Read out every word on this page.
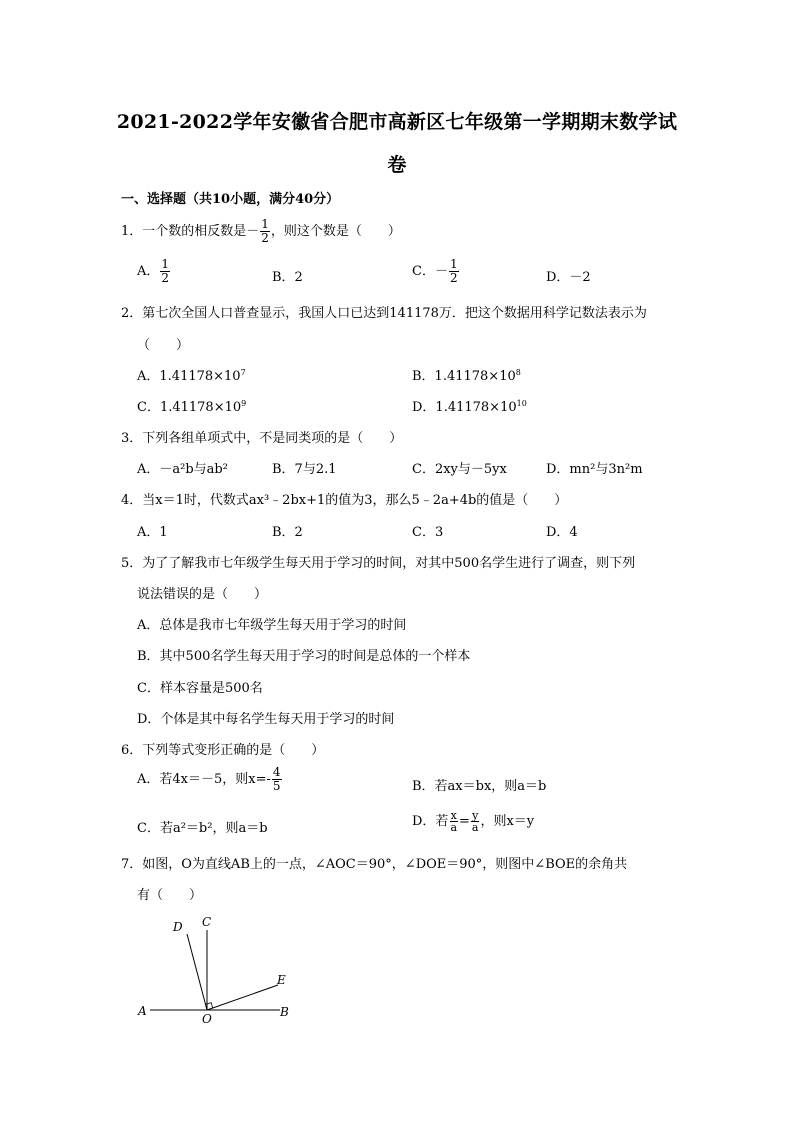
2021-2022学年安徽省合肥市高新区七年级第一学期期末数学试
卷
一、选择题（共10小题，满分40分）
1．一个数的相反数是－ $\frac{1}{2}$ ，则这个数是（　　）
A． $\frac{1}{2}$	B．2	C．－ $\frac{1}{2}$	D．－2
2．第七次全国人口普查显示，我国人口已达到141178万．把这个数据用科学记数法表示为
（　　）
A．$1.41178\times 10^7$	B．$1.41178\times 10^8$
C．$1.41178\times 10^9$	D．$1.41178\times 10^{10}$
3．下列各组单项式中，不是同类项的是（　　）
A．－a²b与ab²	B．7与2.1	C．2xy与－5yx	D．mn²与3n²m
4．当x＝1时，代数式ax³﹣2bx+1的值为3，那么5﹣2a+4b的值是（　　）
A．1	B．2	C．3	D．4
5．为了了解我市七年级学生每天用于学习的时间，对其中500名学生进行了调查，则下列
说法错误的是（　　）
A．总体是我市七年级学生每天用于学习的时间
B．其中500名学生每天用于学习的时间是总体的一个样本
C．样本容量是500名
D．个体是其中每名学生每天用于学习的时间
6．下列等式变形正确的是（　　）
A．若4x＝－5，则$x=- \frac{4}{5}$	B．若ax＝bx，则a＝b
C．若a²＝b²，则a＝b	D．若 $\frac{x}{a} = \frac{y}{a}$ ，则x＝y
7．如图，O为直线AB上的一点，∠AOC＝90°，∠DOE＝90°，则图中∠BOE的余角共
有（　　）
D C
E
A
O	B
